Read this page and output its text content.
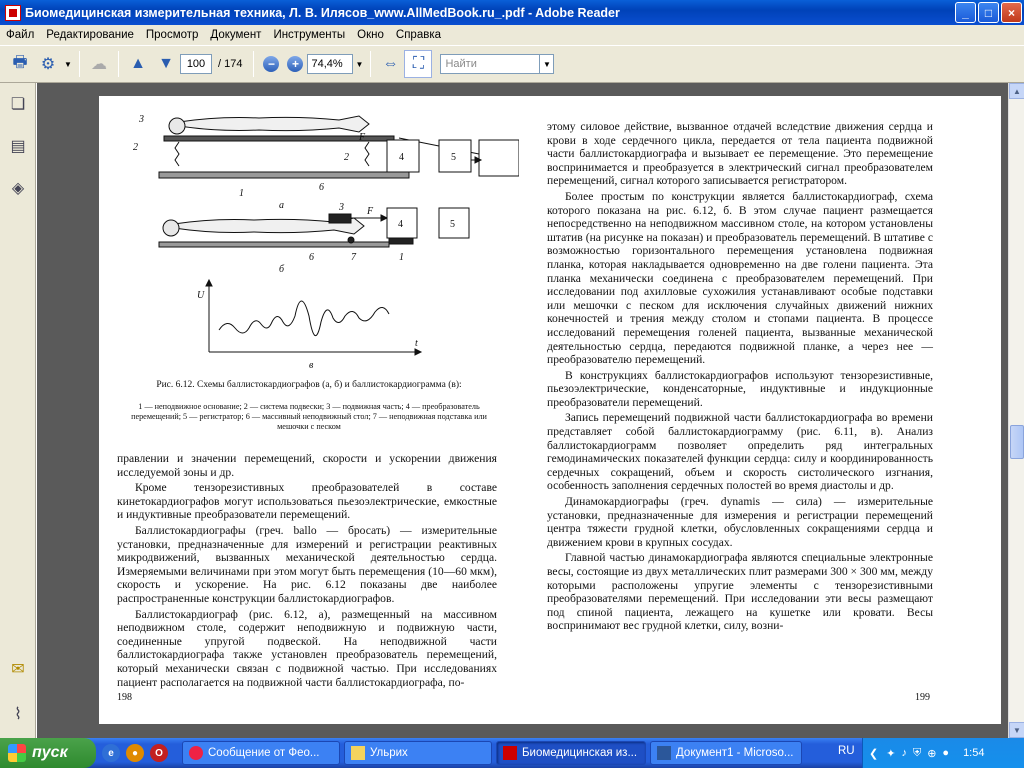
Биомедицинская измерительная техника, Л. В. Илясов_www.AllMedBook.ru_.pdf - Adobe Reader	_	□	×
Файл	Редактирование	Просмотр	Документ	Инструменты	Окно	Справка
🖶 ⚙	▼	☁	▲ ▼	100	/ 174	−	+	74,4%	▼	⇔ ⛶	Найти	▼
❏
▤
◈
✉
⌇
3
2
1
6
2
F
4	5
а	3 F
4	5
6	7	1
б
U
t
в
Рис. 6.12. Схемы баллистокардиографов (а, б) и баллистокардиограмма (в):
1 — неподвижное основание; 2 — система подвески; 3 — подвижная часть; 4 — преобразователь перемещений; 5 — регистратор; 6 — массивный неподвижный стол; 7 — неподвижная подставка или мешочки с песком

правлении и значении перемещений, скорости и ускорении движения исследуемой зоны и др.

Кроме тензорезистивных преобразователей в составе кинетокардиографов могут использоваться пьезоэлектрические, емкостные и индуктивные преобразователи перемещений.

Баллистокардиографы (греч. ballo — бросать) — измерительные установки, предназначенные для измерений и регистрации реактивных микродвижений, вызванных механической деятельностью сердца. Измеряемыми величинами при этом могут быть перемещения (10—60 мкм), скорость и ускорение. На рис. 6.12 показаны две наиболее распространенные конструкции баллистокардиографов.

Баллистокардиограф (рис. 6.12, а), размещенный на массивном неподвижном столе, содержит неподвижную и подвижную части, соединенные упругой подвеской. На неподвижной части баллистокардиографа также установлен преобразователь перемещений, который механически связан с подвижной частью. При исследованиях пациент располагается на подвижной части баллистокардиографа, по-

этому силовое действие, вызванное отдачей вследствие движения сердца и крови в ходе сердечного цикла, передается от тела пациента подвижной части баллистокардиографа и вызывает ее перемещение. Это перемещение воспринимается и преобразуется в электрический сигнал преобразователем перемещений, сигнал которого записывается регистратором.

Более простым по конструкции является баллистокардиограф, схема которого показана на рис. 6.12, б. В этом случае пациент размещается непосредственно на неподвижном массивном столе, на котором установлены штатив (на рисунке на показан) и преобразователь перемещений. В штативе с возможностью горизонтального перемещения установлена подвижная планка, которая накладывается одновременно на две голени пациента. Эта планка механически соединена с преобразователем перемещений. При исследовании под ахилловые сухожилия устанавливают особые подставки или мешочки с песком для исключения случайных движений нижних конечностей и трения между столом и стопами пациента. В процессе исследований перемещения голеней пациента, вызванные механической деятельностью сердца, передаются подвижной планке, а через нее — преобразователю перемещений.

В конструкциях баллистокардиографов используют тензорезистивные, пьезоэлектрические, конденсаторные, индуктивные и индукционные преобразователи перемещений.

Запись перемещений подвижной части баллистокардиографа во времени представляет собой баллистокардиограмму (рис. 6.11, в). Анализ баллистокардиограмм позволяет определить ряд интегральных гемодинамических показателей функции сердца: силу и координированность сердечных сокращений, объем и скорость систолического изгнания, особенность заполнения сердечных полостей во время диастолы и др.

Динамокардиографы (греч. dynamis — сила) — измерительные установки, предназначенные для измерения и регистрации перемещений центра тяжести грудной клетки, обусловленных сокращениями сердца и движением крови в крупных сосудах.

Главной частью динамокардиографа являются специальные электронные весы, состоящие из двух металлических плит размерами 300 × 300 мм, между которыми расположены упругие элементы с тензорезистивными преобразователями перемещений. При исследовании эти весы размещают под спиной пациента, лежащего на кушетке или кровати. Весы воспринимают вес грудной клетки, силу, возни-

198	199
▲
▼
пуск	e	●	O	Сообщение от Фео...	Ульрих	Биомедицинская из...	Документ1 - Microso...	RU ❮ ✦ ♪ ⛨ ⊕ ● 1:54
